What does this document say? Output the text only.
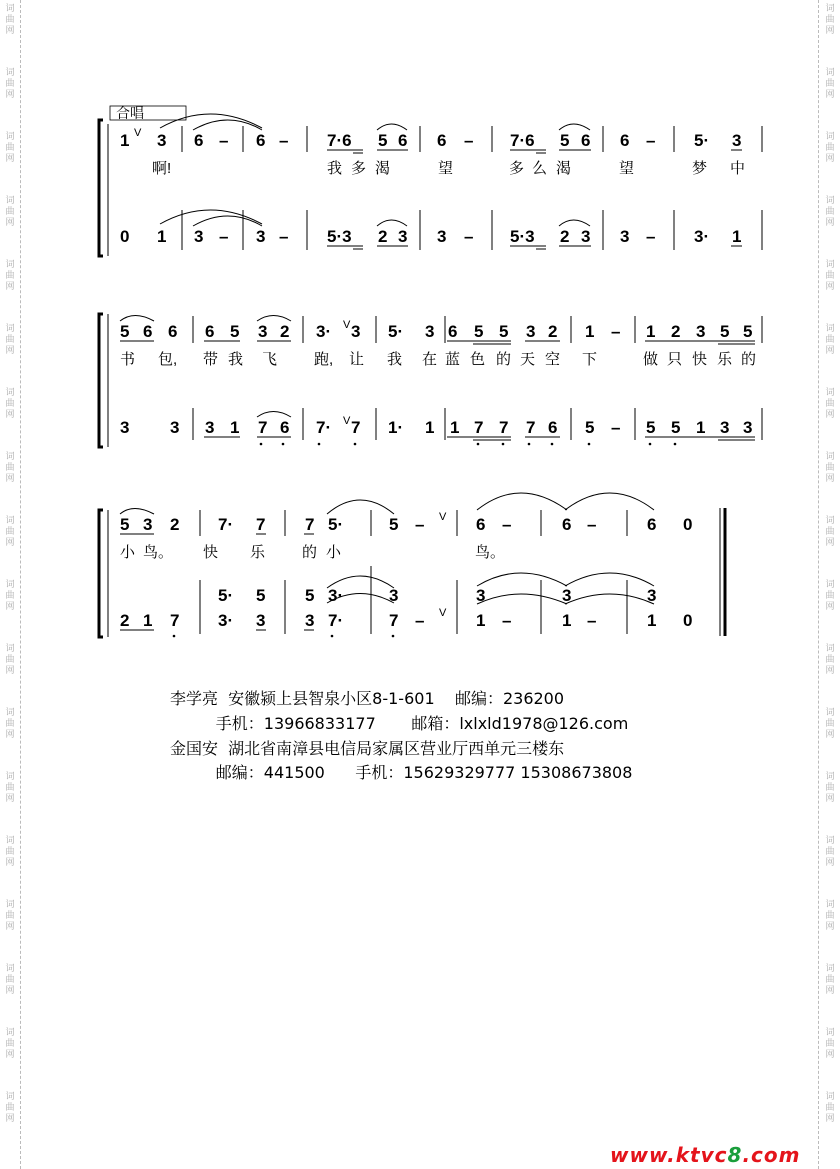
词
曲
网
词
曲
网
词
曲
网
词
曲
网
词
曲
网
词
曲
网
词
曲
网
词
曲
网
词
曲
网
词
曲
网
词
曲
网
词
曲
网
词
曲
网
词
曲
网
词
曲
网
词
曲
网
词
曲
网
词
曲
网
词
曲
网
词
曲
网
词
曲
网
词
曲
网
词
曲
网
词
曲
网
词
曲
网
词
曲
网
词
曲
网
词
曲
网
词
曲
网
词
曲
网
词
曲
网
词
曲
网
词
曲
网
词
曲
网
词
曲
网
词
曲
网
合唱
1 3 6 – 6 – 7·6 5 6 6 – 7·6 5 6 6 – 5· 3
V
啊!	我 多 渴	望	多 么 渴	望	梦 中
0 1 3 – 3 – 5·3 2 3 3 – 5·3 2 3 3 – 3· 1
5 6 6 6 5 3 2 3· 3 5· 3 6 5 5 3 2 1 – 1 2 3 5 5
V
书 包, 带 我 飞 跑, 让 我 在 蓝 色 的 天 空 下	做 只 快 乐 的
3 3 3 1 7 6 7· 7 1· 1 1 7 7 7 6 5 – 5 5 1 3 3
V
5 3 2 7· 7 7 5·	5 –	6 –	6 –	6 0
V
小 鸟。 快 乐 的 小	鸟。
5· 5 5 3·	3	3	3	3
2 1 7 3· 3 3 7·	7 –	1 –	1 –	1 0
V
李学亮  安徽颍上县智泉小区8-1-601    邮编：236200
手机：13966833177       邮箱：lxlxld1978@126.com
金国安  湖北省南漳县电信局家属区营业厅西单元三楼东
邮编：441500      手机：15629329777 15308673808
www.ktvc8.com
